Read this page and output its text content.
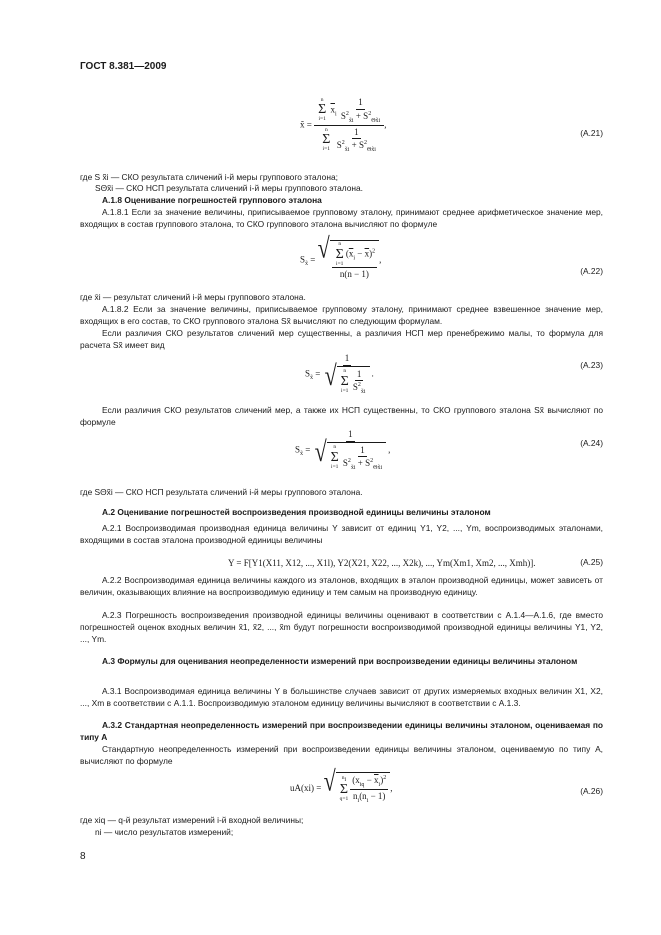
ГОСТ 8.381—2009
x̃ = n
Σ
i=1
$\overline{x}_i \frac{1}{S^2_{x̃i} + S^2_{\Theta x̃i}}$
n
Σ
i=1
$\frac{1}{S^2_{x̃i} + S^2_{\Theta x̃i}}$ ,
(А.21)
где S x̃i — СКО результата сличений i-й меры группового эталона;
SΘx̃i — СКО НСП результата сличений i-й меры группового эталона.
А.1.8 Оценивание погрешностей группового эталона
А.1.8.1 Если за значение величины, приписываемое групповому эталону, принимают среднее арифметическое значение мер, входящих в состав группового эталона, то СКО группового эталона вычисляют по формуле
$S_{x̃}$ = √ n
Σ
i=1
$(\overline{x}_i - \overline{x})^2$
n(n − 1) ,
(А.22)
где x̄i — результат сличений i-й меры группового эталона.
А.1.8.2 Если за значение величины, приписываемое групповому эталону, принимают среднее взвешенное значение мер, входящих в его состав, то СКО группового эталона Sx̃ вычисляют по следующим формулам.
Если различия СКО результатов сличений мер существенны, а различия НСП мер пренебрежимо малы, то формула для расчета Sx̃ имеет вид
$S_{x̃} = 1$
√ n
Σ
$i=1 \frac{1}{S^2_{x̃i}}$ .
(А.23)
Если различия СКО результатов сличений мер, а также их НСП существенны, то СКО группового эталона Sx̃ вычисляют по формуле
$S_{x̃} = 1$
√ n
Σ
$i=1 \frac{1}{S^2_{x̃i} + S^2_{\Theta x̃i}}$ ,
(А.24)
где SΘx̃i — СКО НСП результата сличений i-й меры группового эталона.
А.2 Оценивание погрешностей воспроизведения производной единицы величины эталоном
А.2.1 Воспроизводимая производная единица величины Y зависит от единиц Y1, Y2, ..., Ym, воспроизводимых эталонами, входящими в состав эталона производной единицы величины
Y = F[Y1(X11, X12, ..., X1l), Y2(X21, X22, ..., X2k), ..., Ym(Xm1, Xm2, ..., Xmh)].	(А.25)
А.2.2 Воспроизводимая единица величины каждого из эталонов, входящих в эталон производной единицы, может зависеть от величин, оказывающих влияние на воспроизводимую единицу и тем самым на производную единицу.
А.2.3 Погрешность воспроизведения производной единицы величины оценивают в соответствии с А.1.4—А.1.6, где вместо погрешностей оценок входных величин x̃1, x̃2, ..., x̃m будут погрешности воспроизводимой производной единицы величины Y1, Y2, ..., Ym.
А.3 Формулы для оценивания неопределенности измерений при воспроизведении единицы величины эталоном
А.3.1 Воспроизводимая единица величины Y в большинстве случаев зависит от других измеряемых входных величин X1, X2, ..., Xm в соответствии с А.1.1. Воспроизводимую эталоном единицу величины вычисляют в соответствии с А.1.3.
А.3.2 Стандартная неопределенность измерений при воспроизведении единицы величины эталоном, оцениваемая по типу А
Стандартную неопределенность измерений при воспроизведении единицы величины эталоном, оцениваемую по типу А, вычисляют по формуле
uA(xi) = √ $n_i$
Σ
$q=1 \frac{(x_{iq} - \overline{x}_i)^2}{n_i(n_i - 1)}$ ,	(А.26)
где xiq — q-й результат измерений i-й входной величины;
ni — число результатов измерений;
8
